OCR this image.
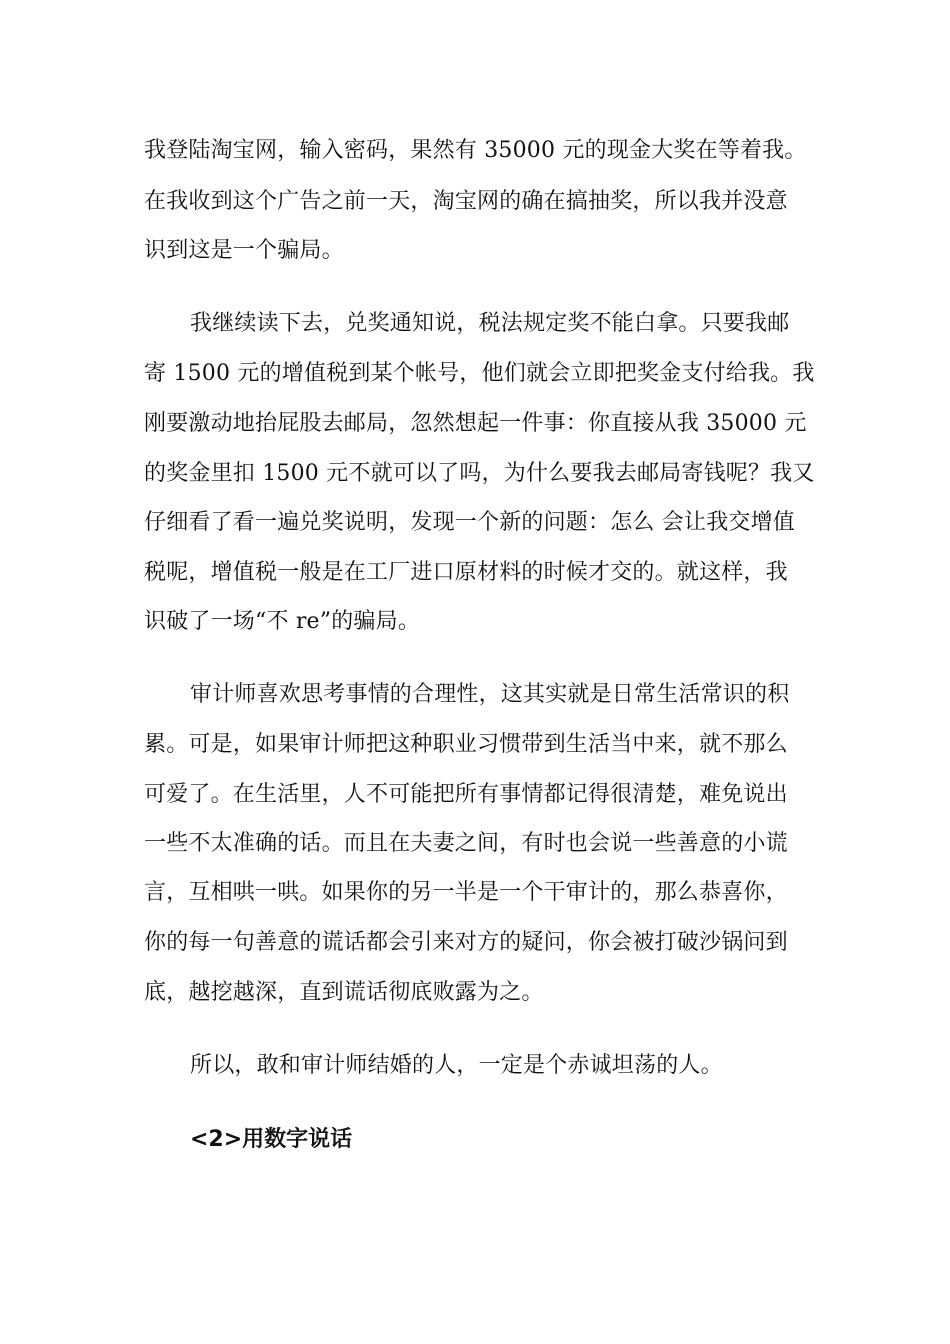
我登陆淘宝网，输入密码，果然有 35000 元的现金大奖在等着我。
在我收到这个广告之前一天，淘宝网的确在搞抽奖，所以我并没意
识到这是一个骗局。
我继续读下去，兑奖通知说，税法规定奖不能白拿。只要我邮
寄 1500 元的增值税到某个帐号，他们就会立即把奖金支付给我。我
刚要激动地抬屁股去邮局，忽然想起一件事：你直接从我 35000 元
的奖金里扣 1500 元不就可以了吗，为什么要我去邮局寄钱呢？我又
仔细看了看一遍兑奖说明，发现一个新的问题：怎么 会让我交增值
税呢，增值税一般是在工厂进口原材料的时候才交的。就这样，我
识破了一场“不 re”的骗局。
审计师喜欢思考事情的合理性，这其实就是日常生活常识的积
累。可是，如果审计师把这种职业习惯带到生活当中来，就不那么
可爱了。在生活里，人不可能把所有事情都记得很清楚，难免说出
一些不太准确的话。而且在夫妻之间，有时也会说一些善意的小谎
言，互相哄一哄。如果你的另一半是一个干审计的，那么恭喜你，
你的每一句善意的谎话都会引来对方的疑问，你会被打破沙锅问到
底，越挖越深，直到谎话彻底败露为之。
所以，敢和审计师结婚的人，一定是个赤诚坦荡的人。
<2>用数字说话
